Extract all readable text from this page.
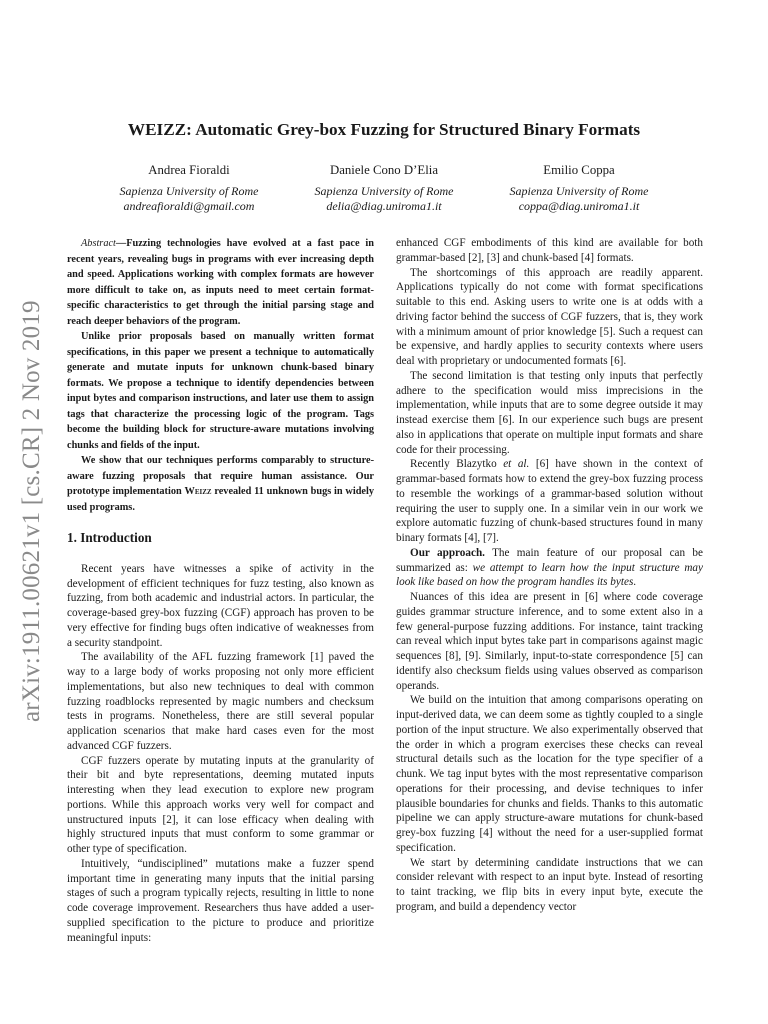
arXiv:1911.00621v1 [cs.CR] 2 Nov 2019
WEIZZ: Automatic Grey-box Fuzzing for Structured Binary Formats
Andrea Fioraldi
Sapienza University of Rome
andreafioraldi@gmail.com
Daniele Cono D’Elia
Sapienza University of Rome
delia@diag.uniroma1.it
Emilio Coppa
Sapienza University of Rome
coppa@diag.uniroma1.it

Abstract—Fuzzing technologies have evolved at a fast pace in recent years, revealing bugs in programs with ever increasing depth and speed. Applications working with complex formats are however more difficult to take on, as inputs need to meet certain format-specific characteristics to get through the initial parsing stage and reach deeper behaviors of the program.

Unlike prior proposals based on manually written format specifications, in this paper we present a technique to automatically generate and mutate inputs for unknown chunk-based binary formats. We propose a technique to identify dependencies between input bytes and comparison instructions, and later use them to assign tags that characterize the processing logic of the program. Tags become the building block for structure-aware mutations involving chunks and fields of the input.

We show that our techniques performs comparably to structure-aware fuzzing proposals that require human assistance. Our prototype implementation Weizz revealed 11 unknown bugs in widely used programs.

1. Introduction

Recent years have witnesses a spike of activity in the development of efficient techniques for fuzz testing, also known as fuzzing, from both academic and industrial actors. In particular, the coverage-based grey-box fuzzing (CGF) approach has proven to be very effective for finding bugs often indicative of weaknesses from a security standpoint.

The availability of the AFL fuzzing framework [1] paved the way to a large body of works proposing not only more efficient implementations, but also new techniques to deal with common fuzzing roadblocks represented by magic numbers and checksum tests in programs. Nonetheless, there are still several popular application scenarios that make hard cases even for the most advanced CGF fuzzers.

CGF fuzzers operate by mutating inputs at the granularity of their bit and byte representations, deeming mutated inputs interesting when they lead execution to explore new program portions. While this approach works very well for compact and unstructured inputs [2], it can lose efficacy when dealing with highly structured inputs that must conform to some grammar or other type of specification.

Intuitively, “undisciplined” mutations make a fuzzer spend important time in generating many inputs that the initial parsing stages of such a program typically rejects, resulting in little to none code coverage improvement. Researchers thus have added a user-supplied specification to the picture to produce and prioritize meaningful inputs:

enhanced CGF embodiments of this kind are available for both grammar-based [2], [3] and chunk-based [4] formats.

The shortcomings of this approach are readily apparent. Applications typically do not come with format specifications suitable to this end. Asking users to write one is at odds with a driving factor behind the success of CGF fuzzers, that is, they work with a minimum amount of prior knowledge [5]. Such a request can be expensive, and hardly applies to security contexts where users deal with proprietary or undocumented formats [6].

The second limitation is that testing only inputs that perfectly adhere to the specification would miss imprecisions in the implementation, while inputs that are to some degree outside it may instead exercise them [6]. In our experience such bugs are present also in applications that operate on multiple input formats and share code for their processing.

Recently Blazytko et al. [6] have shown in the context of grammar-based formats how to extend the grey-box fuzzing process to resemble the workings of a grammar-based solution without requiring the user to supply one. In a similar vein in our work we explore automatic fuzzing of chunk-based structures found in many binary formats [4], [7].

Our approach. The main feature of our proposal can be summarized as: we attempt to learn how the input structure may look like based on how the program handles its bytes.

Nuances of this idea are present in [6] where code coverage guides grammar structure inference, and to some extent also in a few general-purpose fuzzing additions. For instance, taint tracking can reveal which input bytes take part in comparisons against magic sequences [8], [9]. Similarly, input-to-state correspondence [5] can identify also checksum fields using values observed as comparison operands.

We build on the intuition that among comparisons operating on input-derived data, we can deem some as tightly coupled to a single portion of the input structure. We also experimentally observed that the order in which a program exercises these checks can reveal structural details such as the location for the type specifier of a chunk. We tag input bytes with the most representative comparison operations for their processing, and devise techniques to infer plausible boundaries for chunks and fields. Thanks to this automatic pipeline we can apply structure-aware mutations for chunk-based grey-box fuzzing [4] without the need for a user-supplied format specification.

We start by determining candidate instructions that we can consider relevant with respect to an input byte. Instead of resorting to taint tracking, we flip bits in every input byte, execute the program, and build a dependency vector
